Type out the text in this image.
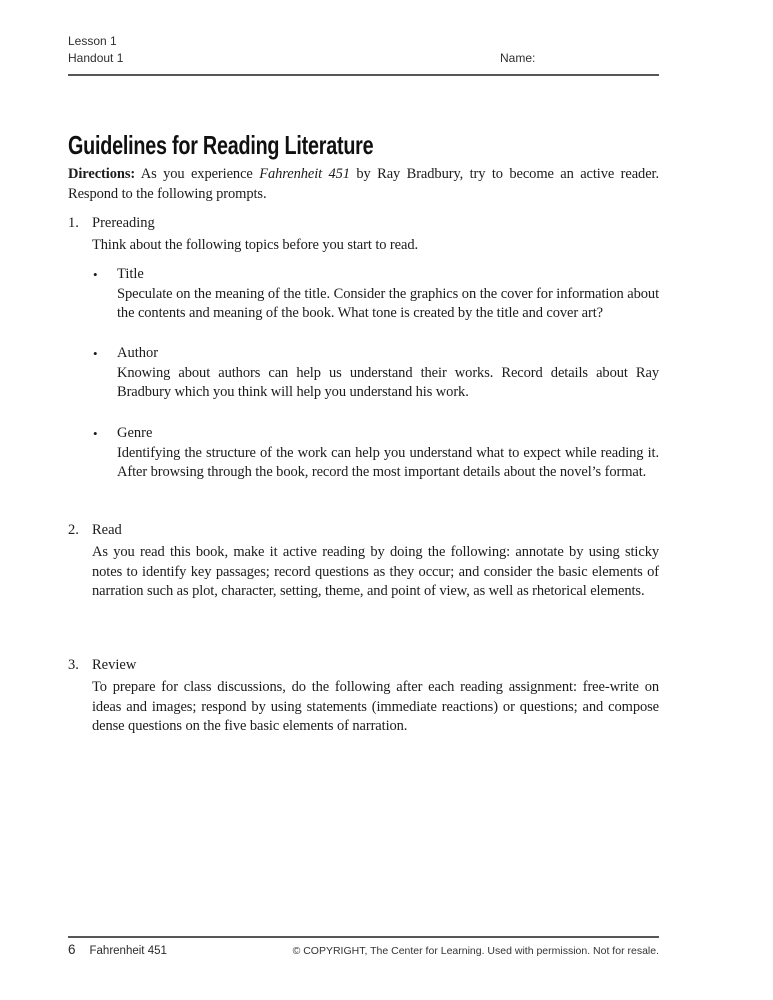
Lesson 1
Handout 1	Name:
Guidelines for Reading Literature

Directions: As you experience Fahrenheit 451 by Ray Bradbury, try to become an active reader. Respond to the following prompts.

1. Prereading

Think about the following topics before you start to read.

•	Title

Speculate on the meaning of the title. Consider the graphics on the cover for information about the contents and meaning of the book. What tone is created by the title and cover art?

•	Author

Knowing about authors can help us understand their works. Record details about Ray Bradbury which you think will help you understand his work.

•	Genre

Identifying the structure of the work can help you understand what to expect while reading it. After browsing through the book, record the most important details about the novel’s format.

2. Read

As you read this book, make it active reading by doing the following: annotate by using sticky notes to identify key passages; record questions as they occur; and consider the basic elements of narration such as plot, character, setting, theme, and point of view, as well as rhetorical elements.

3. Review

To prepare for class discussions, do the following after each reading assignment: free-write on ideas and images; respond by using statements (immediate reactions) or questions; and compose dense questions on the five basic elements of narration.

6 Fahrenheit 451	© COPYRIGHT, The Center for Learning. Used with permission. Not for resale.
